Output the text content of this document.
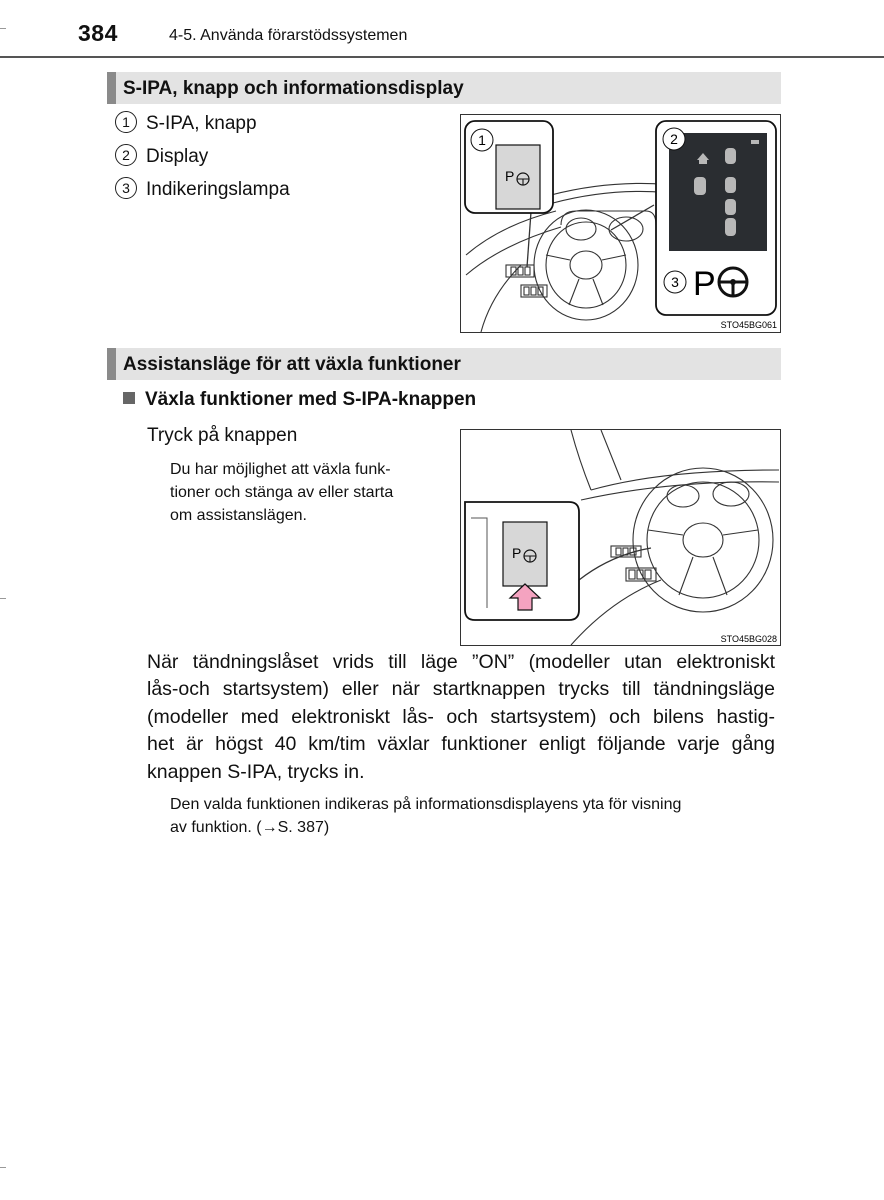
384	4-5. Använda förarstödssystemen
S-IPA, knapp och informationsdisplay
1 S-IPA, knapp
2 Display
3 Indikeringslampa
P
1	2
3 P
STO45BG061
Assistansläge för att växla funktioner
Växla funktioner med S-IPA-knappen
Tryck på knappen
Du har möjlighet att växla funk-
tioner och stänga av eller starta
om assistanslägen.
P
STO45BG028
När tändningslåset vrids till läge ”ON” (modeller utan elektroniskt
lås-och startsystem) eller när startknappen trycks till tändningsläge
(modeller med elektroniskt lås- och startsystem) och bilens hastig-
het är högst 40 km/tim växlar funktioner enligt följande varje gång
knappen S-IPA, trycks in.
Den valda funktionen indikeras på informationsdisplayens yta för visning
av funktion. (→S. 387)
